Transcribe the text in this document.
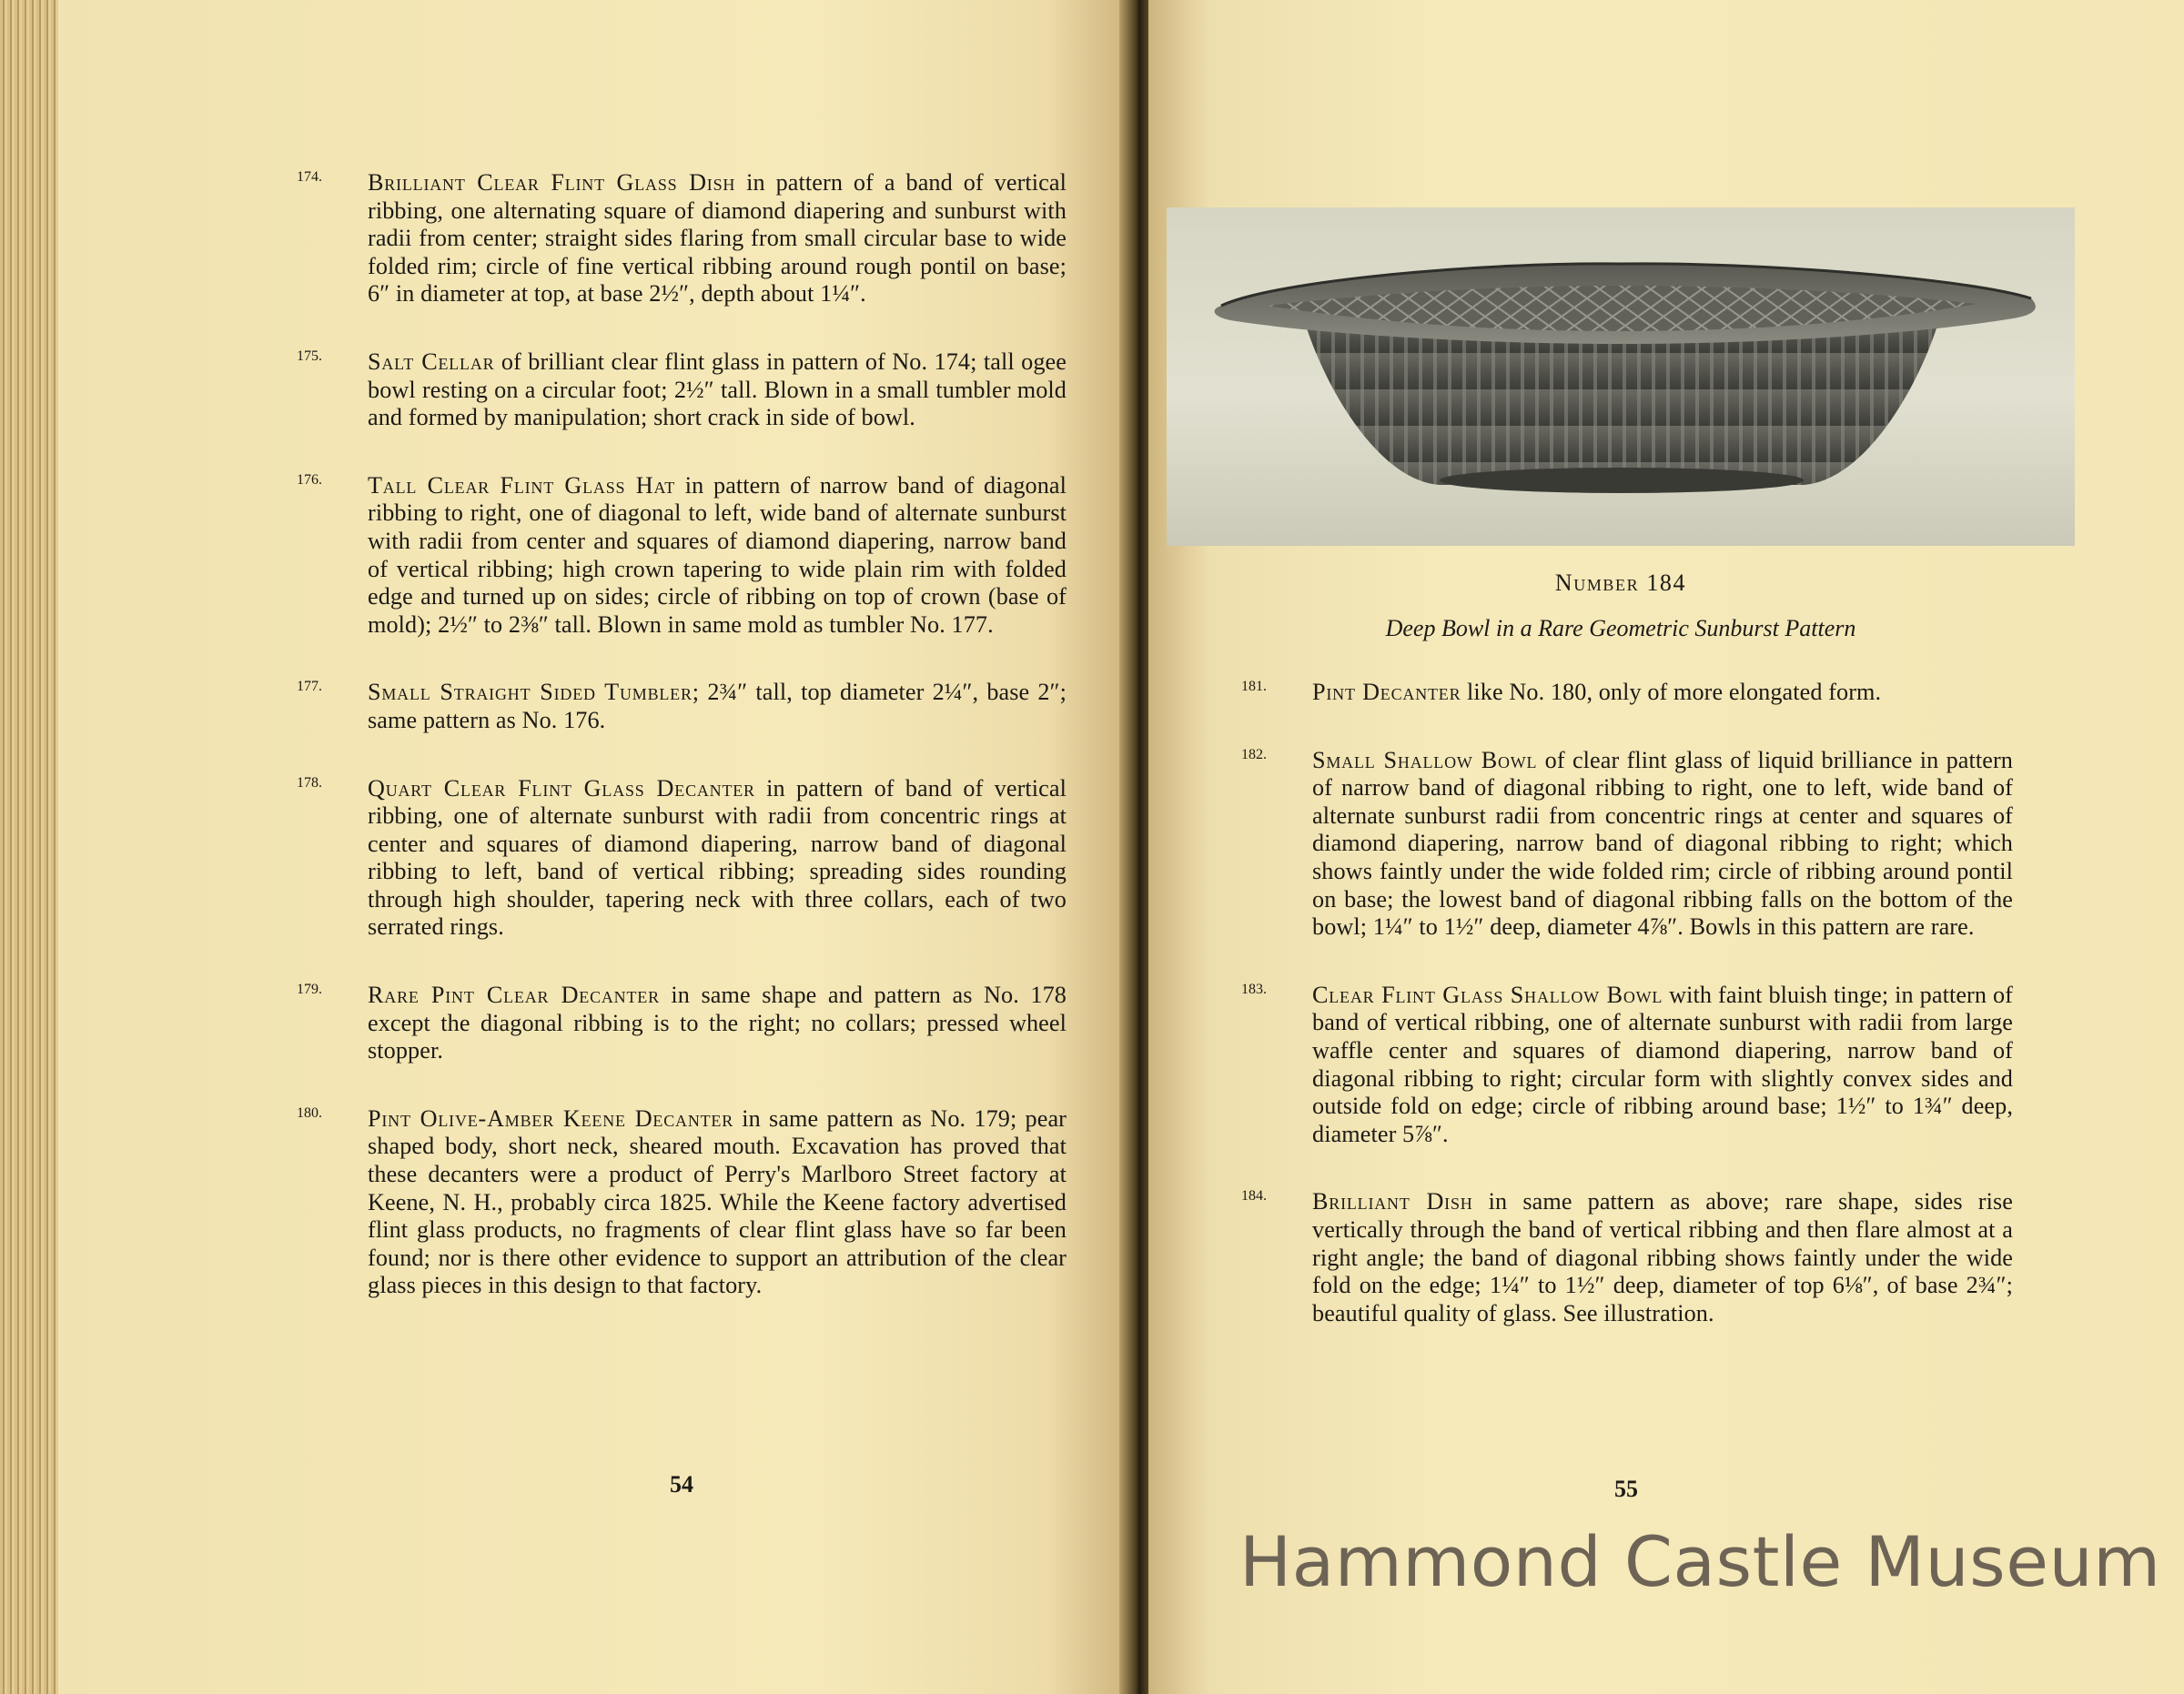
174. Brilliant Clear Flint Glass Dish in pattern of a band of vertical ribbing, one alternating square of diamond diapering and sunburst with radii from center; straight sides flaring from small circular base to wide folded rim; circle of fine vertical ribbing around rough pontil on base; 6″ in diameter at top, at base 2½″, depth about 1¼″.

175. Salt Cellar of brilliant clear flint glass in pattern of No. 174; tall ogee bowl resting on a circular foot; 2½″ tall. Blown in a small tumbler mold and formed by manipulation; short crack in side of bowl.

176. Tall Clear Flint Glass Hat in pattern of narrow band of diagonal ribbing to right, one of diagonal to left, wide band of alternate sunburst with radii from center and squares of diamond diapering, narrow band of vertical ribbing; high crown tapering to wide plain rim with folded edge and turned up on sides; circle of ribbing on top of crown (base of mold); 2½″ to 2⅜″ tall. Blown in same mold as tumbler No. 177.

177. Small Straight Sided Tumbler; 2¾″ tall, top diameter 2¼″, base 2″; same pattern as No. 176.

178. Quart Clear Flint Glass Decanter in pattern of band of vertical ribbing, one of alternate sunburst with radii from concentric rings at center and squares of diamond diapering, narrow band of diagonal ribbing to left, band of vertical ribbing; spreading sides rounding through high shoulder, tapering neck with three collars, each of two serrated rings.

179. Rare Pint Clear Decanter in same shape and pattern as No. 178 except the diagonal ribbing is to the right; no collars; pressed wheel stopper.

180. Pint Olive-Amber Keene Decanter in same pattern as No. 179; pear shaped body, short neck, sheared mouth. Excavation has proved that these decanters were a product of Perry's Marlboro Street factory at Keene, N. H., probably circa 1825. While the Keene factory advertised flint glass products, no fragments of clear flint glass have so far been found; nor is there other evidence to support an attribution of the clear glass pieces in this design to that factory.

54
Number 184
Deep Bowl in a Rare Geometric Sunburst Pattern
181. Pint Decanter like No. 180, only of more elongated form.

182. Small Shallow Bowl of clear flint glass of liquid brilliance in pattern of narrow band of diagonal ribbing to right, one to left, wide band of alternate sunburst radii from concentric rings at center and squares of diamond diapering, narrow band of diagonal ribbing to right; which shows faintly under the wide folded rim; circle of ribbing around pontil on base; the lowest band of diagonal ribbing falls on the bottom of the bowl; 1¼″ to 1½″ deep, diameter 4⅞″. Bowls in this pattern are rare.

183. Clear Flint Glass Shallow Bowl with faint bluish tinge; in pattern of band of vertical ribbing, one of alternate sunburst with radii from large waffle center and squares of diamond diapering, narrow band of diagonal ribbing to right; circular form with slightly convex sides and outside fold on edge; circle of ribbing around base; 1½″ to 1¾″ deep, diameter 5⅞″.

184. Brilliant Dish in same pattern as above; rare shape, sides rise vertically through the band of vertical ribbing and then flare almost at a right angle; the band of diagonal ribbing shows faintly under the wide fold on the edge; 1¼″ to 1½″ deep, diameter of top 6⅛″, of base 2¾″; beautiful quality of glass. See illustration.

55
Hammond Castle Museum
